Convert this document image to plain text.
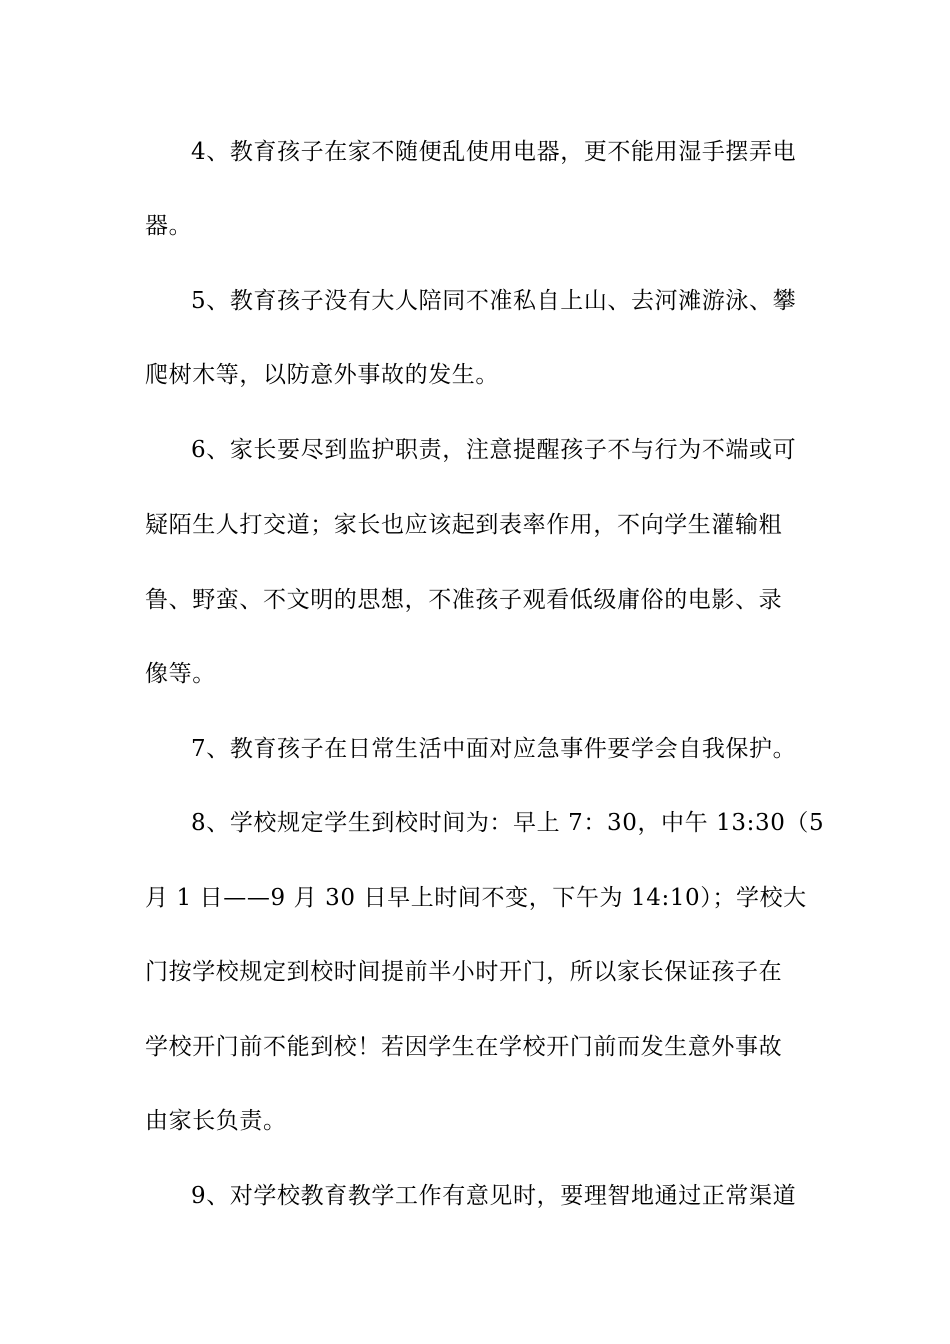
4、教育孩子在家不随便乱使用电器，更不能用湿手摆弄电
器。
5、教育孩子没有大人陪同不准私自上山、去河滩游泳、攀
爬树木等，以防意外事故的发生。
6、家长要尽到监护职责，注意提醒孩子不与行为不端或可
疑陌生人打交道；家长也应该起到表率作用，不向学生灌输粗
鲁、野蛮、不文明的思想，不准孩子观看低级庸俗的电影、录
像等。
7、教育孩子在日常生活中面对应急事件要学会自我保护。
8、学校规定学生到校时间为：早上 7：30，中午 13:30（5
月 1 日——9 月 30 日早上时间不变，下午为 14:10）；学校大
门按学校规定到校时间提前半小时开门，所以家长保证孩子在
学校开门前不能到校！若因学生在学校开门前而发生意外事故
由家长负责。
9、对学校教育教学工作有意见时，要理智地通过正常渠道
